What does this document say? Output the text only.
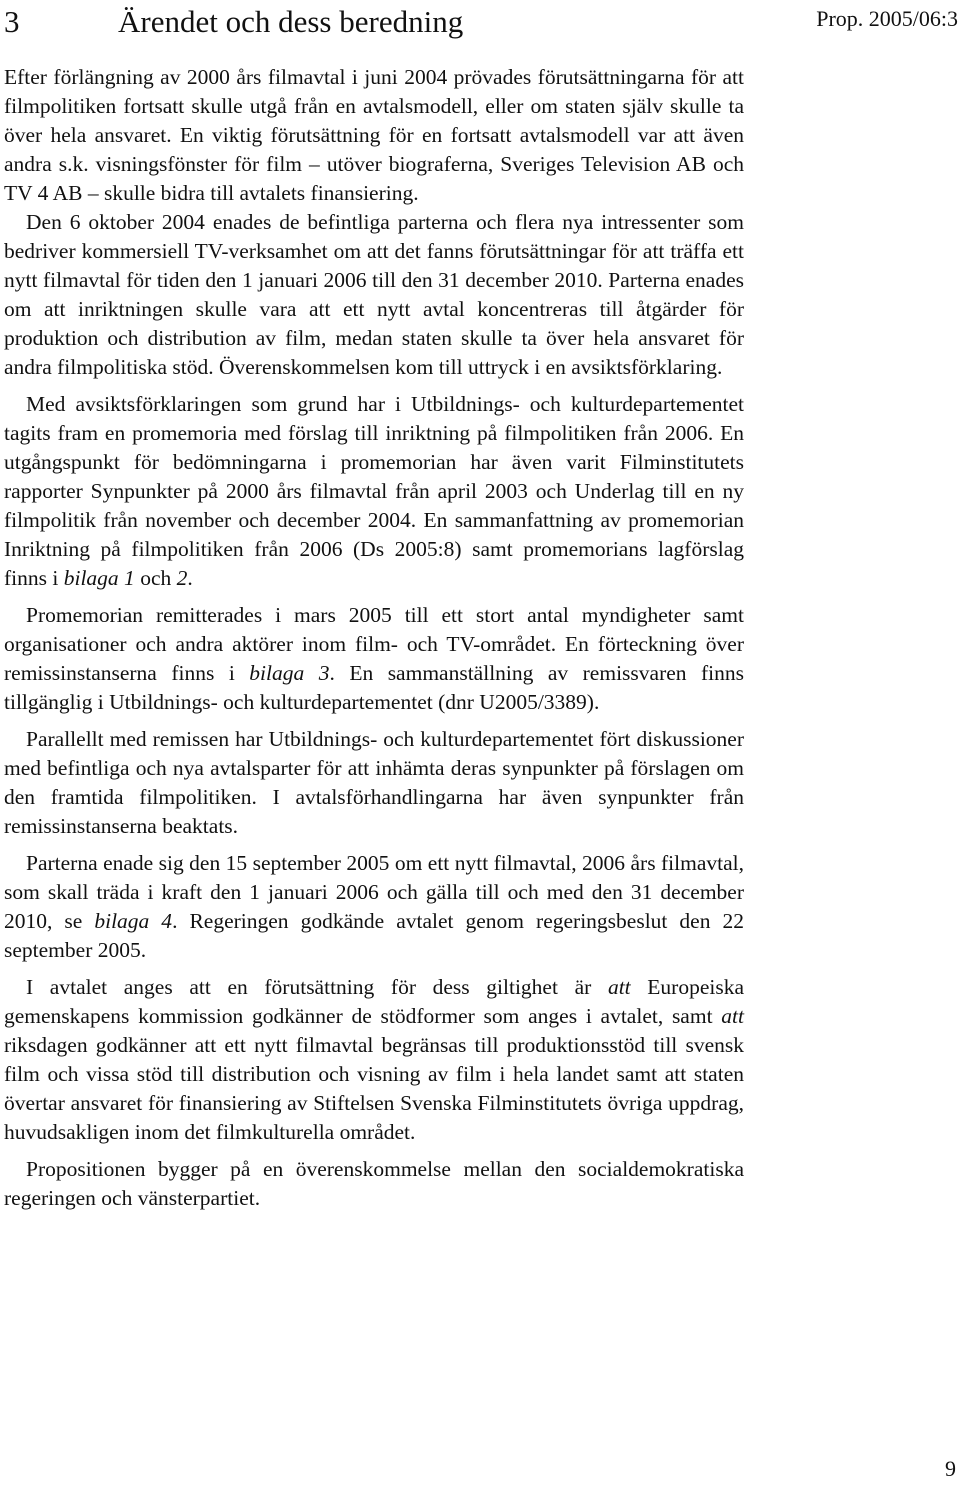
3	Ärendet och dess beredning	Prop. 2005/06:3

Efter förlängning av 2000 års filmavtal i juni 2004 prövades förutsättningarna för att filmpolitiken fortsatt skulle utgå från en avtalsmodell, eller om staten själv skulle ta över hela ansvaret. En viktig förutsättning för en fortsatt avtalsmodell var att även andra s.k. visningsfönster för film – utöver biograferna, Sveriges Television AB och TV 4 AB – skulle bidra till avtalets finansiering.

Den 6 oktober 2004 enades de befintliga parterna och flera nya intressenter som bedriver kommersiell TV-verksamhet om att det fanns förutsättningar för att träffa ett nytt filmavtal för tiden den 1 januari 2006 till den 31 december 2010. Parterna enades om att inriktningen skulle vara att ett nytt avtal koncentreras till åtgärder för produktion och distribution av film, medan staten skulle ta över hela ansvaret för andra filmpolitiska stöd. Överenskommelsen kom till uttryck i en avsiktsförklaring.

Med avsiktsförklaringen som grund har i Utbildnings- och kulturdepartementet tagits fram en promemoria med förslag till inriktning på filmpolitiken från 2006. En utgångspunkt för bedömningarna i promemorian har även varit Filminstitutets rapporter Synpunkter på 2000 års filmavtal från april 2003 och Underlag till en ny filmpolitik från november och december 2004. En sammanfattning av promemorian Inriktning på filmpolitiken från 2006 (Ds 2005:8) samt promemorians lagförslag finns i bilaga 1 och 2.

Promemorian remitterades i mars 2005 till ett stort antal myndigheter samt organisationer och andra aktörer inom film- och TV-området. En förteckning över remissinstanserna finns i bilaga 3. En sammanställning av remissvaren finns tillgänglig i Utbildnings- och kulturdepartementet (dnr U2005/3389).

Parallellt med remissen har Utbildnings- och kulturdepartementet fört diskussioner med befintliga och nya avtalsparter för att inhämta deras synpunkter på förslagen om den framtida filmpolitiken. I avtalsförhandlingarna har även synpunkter från remissinstanserna beaktats.

Parterna enade sig den 15 september 2005 om ett nytt filmavtal, 2006 års filmavtal, som skall träda i kraft den 1 januari 2006 och gälla till och med den 31 december 2010, se bilaga 4. Regeringen godkände avtalet genom regeringsbeslut den 22 september 2005.

I avtalet anges att en förutsättning för dess giltighet är att Europeiska gemenskapens kommission godkänner de stödformer som anges i avtalet, samt att riksdagen godkänner att ett nytt filmavtal begränsas till produktionsstöd till svensk film och vissa stöd till distribution och visning av film i hela landet samt att staten övertar ansvaret för finansiering av Stiftelsen Svenska Filminstitutets övriga uppdrag, huvudsakligen inom det filmkulturella området.

Propositionen bygger på en överenskommelse mellan den socialdemokratiska regeringen och vänsterpartiet.

9
